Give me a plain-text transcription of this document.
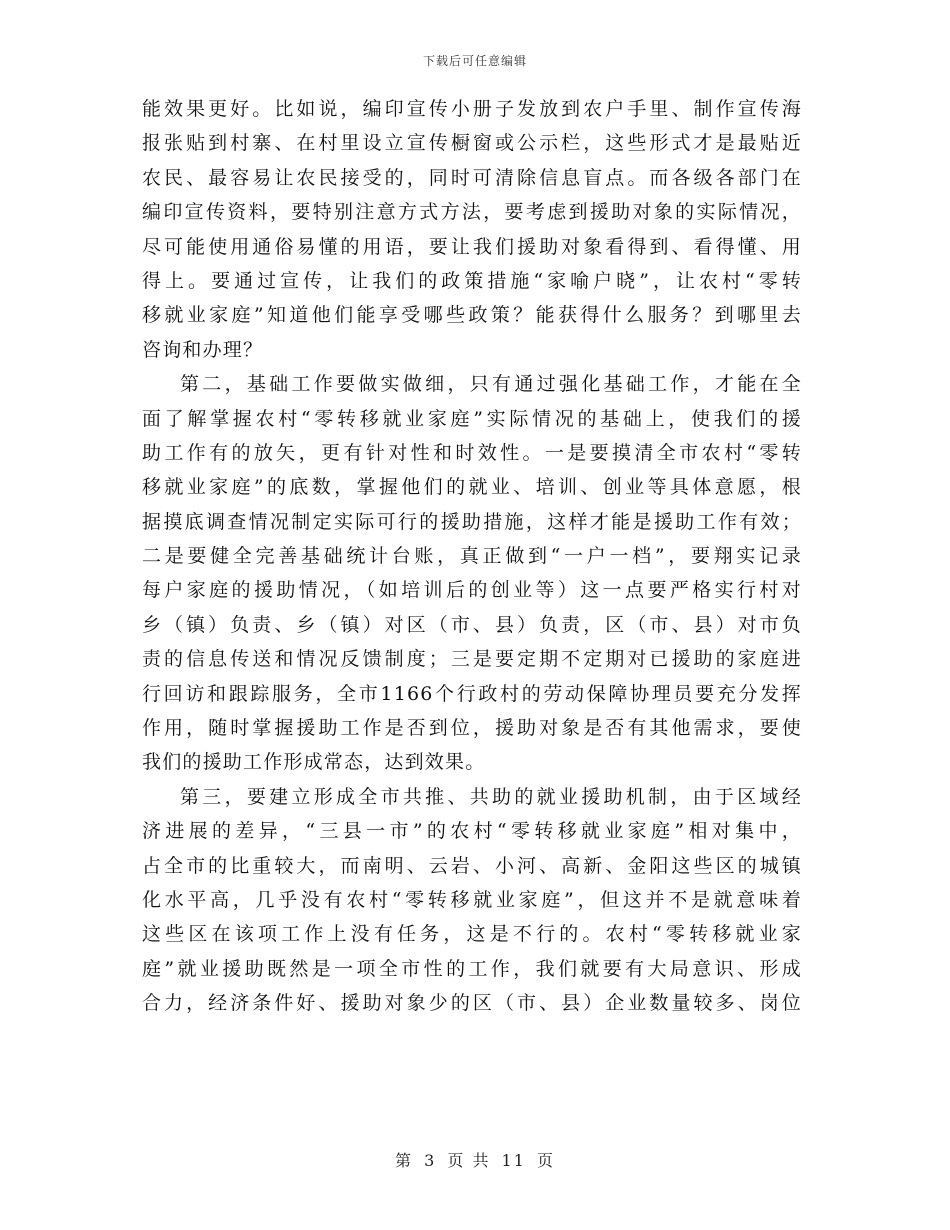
下载后可任意编辑
能效果更好。比如说，编印宣传小册子发放到农户手里、制作宣传海
报张贴到村寨、在村里设立宣传橱窗或公示栏，这些形式才是最贴近
农民、最容易让农民接受的，同时可清除信息盲点。而各级各部门在
编印宣传资料，要特别注意方式方法，要考虑到援助对象的实际情况，
尽可能使用通俗易懂的用语，要让我们援助对象看得到、看得懂、用
得上。要通过宣传，让我们的政策措施“家喻户晓”，让农村“零转
移就业家庭”知道他们能享受哪些政策？能获得什么服务？到哪里去
咨询和办理？
第二，基础工作要做实做细，只有通过强化基础工作，才能在全
面了解掌握农村“零转移就业家庭”实际情况的基础上，使我们的援
助工作有的放矢，更有针对性和时效性。一是要摸清全市农村“零转
移就业家庭”的底数，掌握他们的就业、培训、创业等具体意愿，根
据摸底调查情况制定实际可行的援助措施，这样才能是援助工作有效；
二是要健全完善基础统计台账，真正做到“一户一档”，要翔实记录
每户家庭的援助情况，（如培训后的创业等）这一点要严格实行村对
乡（镇）负责、乡（镇）对区（市、县）负责，区（市、县）对市负
责的信息传送和情况反馈制度；三是要定期不定期对已援助的家庭进
行回访和跟踪服务，全市1166个行政村的劳动保障协理员要充分发挥
作用，随时掌握援助工作是否到位，援助对象是否有其他需求，要使
我们的援助工作形成常态，达到效果。
第三，要建立形成全市共推、共助的就业援助机制，由于区域经
济进展的差异，“三县一市”的农村“零转移就业家庭”相对集中，
占全市的比重较大，而南明、云岩、小河、高新、金阳这些区的城镇
化水平高，几乎没有农村“零转移就业家庭”，但这并不是就意味着
这些区在该项工作上没有任务，这是不行的。农村“零转移就业家
庭”就业援助既然是一项全市性的工作，我们就要有大局意识、形成
合力，经济条件好、援助对象少的区（市、县）企业数量较多、岗位
第 3 页 共 11 页
